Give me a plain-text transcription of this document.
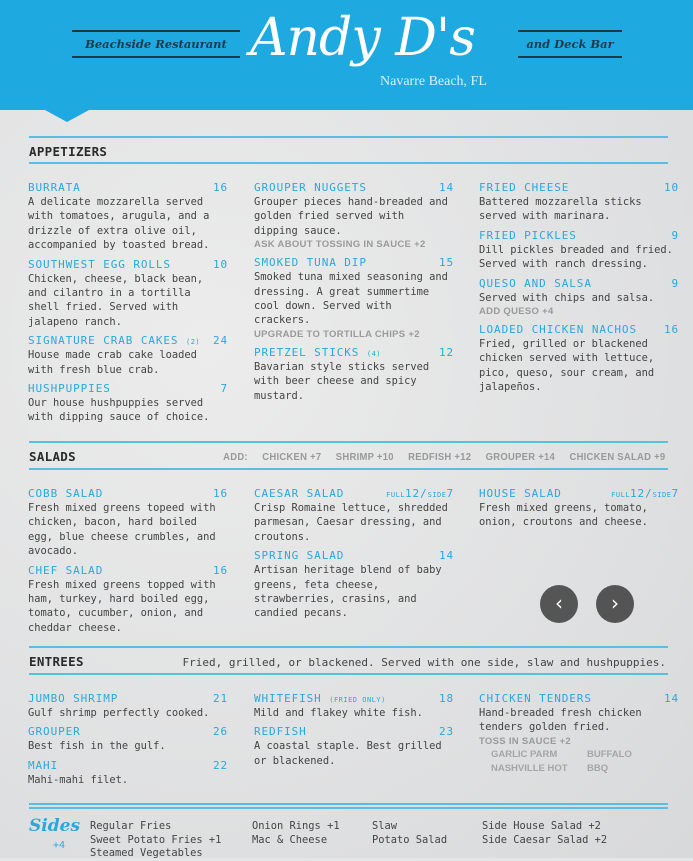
Beachside Restaurant Andy D's	and Deck Bar
Navarre Beach, FL
APPETIZERS
SALADS	ADD: CHICKEN +7 SHRIMP +10 REDFISH +12 GROUPER +14 CHICKEN SALAD +9
ENTREES	Fried, grilled, or blackened. Served with one side, slaw and hushpuppies.
Sides
+4
BURRATA	16
A delicate mozzarella served with tomatoes, arugula, and a drizzle of extra olive oil, accompanied by toasted bread.
SOUTHWEST EGG ROLLS	10
Chicken, cheese, black bean, and cilantro in a tortilla shell fried. Served with jalapeno ranch.
SIGNATURE CRAB CAKES (2) 24
House made crab cake loaded with fresh blue crab.
HUSHPUPPIES	7
Our house hushpuppies served with dipping sauce of choice.
GROUPER NUGGETS	14
Grouper pieces hand-breaded and golden fried served with dipping sauce.
ASK ABOUT TOSSING IN SAUCE +2
SMOKED TUNA DIP	15
Smoked tuna mixed seasoning and dressing. A great summertime cool down. Served with crackers.
UPGRADE TO TORTILLA CHIPS +2
PRETZEL STICKS (4)	12
Bavarian style sticks served with beer cheese and spicy mustard.
FRIED CHEESE	10
Battered mozzarella sticks served with marinara.
FRIED PICKLES	9
Dill pickles breaded and fried. Served with ranch dressing.
QUESO AND SALSA	9
Served with chips and salsa.
ADD QUESO +4
LOADED CHICKEN NACHOS 16
Fried, grilled or blackened chicken served with lettuce, pico, queso, sour cream, and jalapeños.
COBB SALAD	16
Fresh mixed greens topeed with chicken, bacon, hard boiled egg, blue cheese crumbles, and avocado.
CHEF SALAD	16
Fresh mixed greens topped with ham, turkey, hard boiled egg, tomato, cucumber, onion, and cheddar cheese.
CAESAR SALAD	FULL12/SIDE7
Crisp Romaine lettuce, shredded parmesan, Caesar dressing, and croutons.
SPRING SALAD	14
Artisan heritage blend of baby greens, feta cheese, strawberries, crasins, and candied pecans.
HOUSE SALAD	FULL12/SIDE7
Fresh mixed greens, tomato, onion, croutons and cheese.
JUMBO SHRIMP	21
Gulf shrimp perfectly cooked.
GROUPER	26
Best fish in the gulf.
MAHI	22
Mahi-mahi filet.
WHITEFISH (FRIED ONLY)	18
Mild and flakey white fish.
REDFISH	23
A coastal staple. Best grilled or blackened.
CHICKEN TENDERS	14
Hand-breaded fresh chicken tenders golden fried.
TOSS IN SAUCE +2
GARLIC PARM	BUFFALO
NASHVILLE HOT	BBQ
Regular Fries
Sweet Potato Fries +1
Steamed Vegetables
Onion Rings +1
Mac & Cheese
Slaw
Potato Salad
Side House Salad +2
Side Caesar Salad +2
‹	›
